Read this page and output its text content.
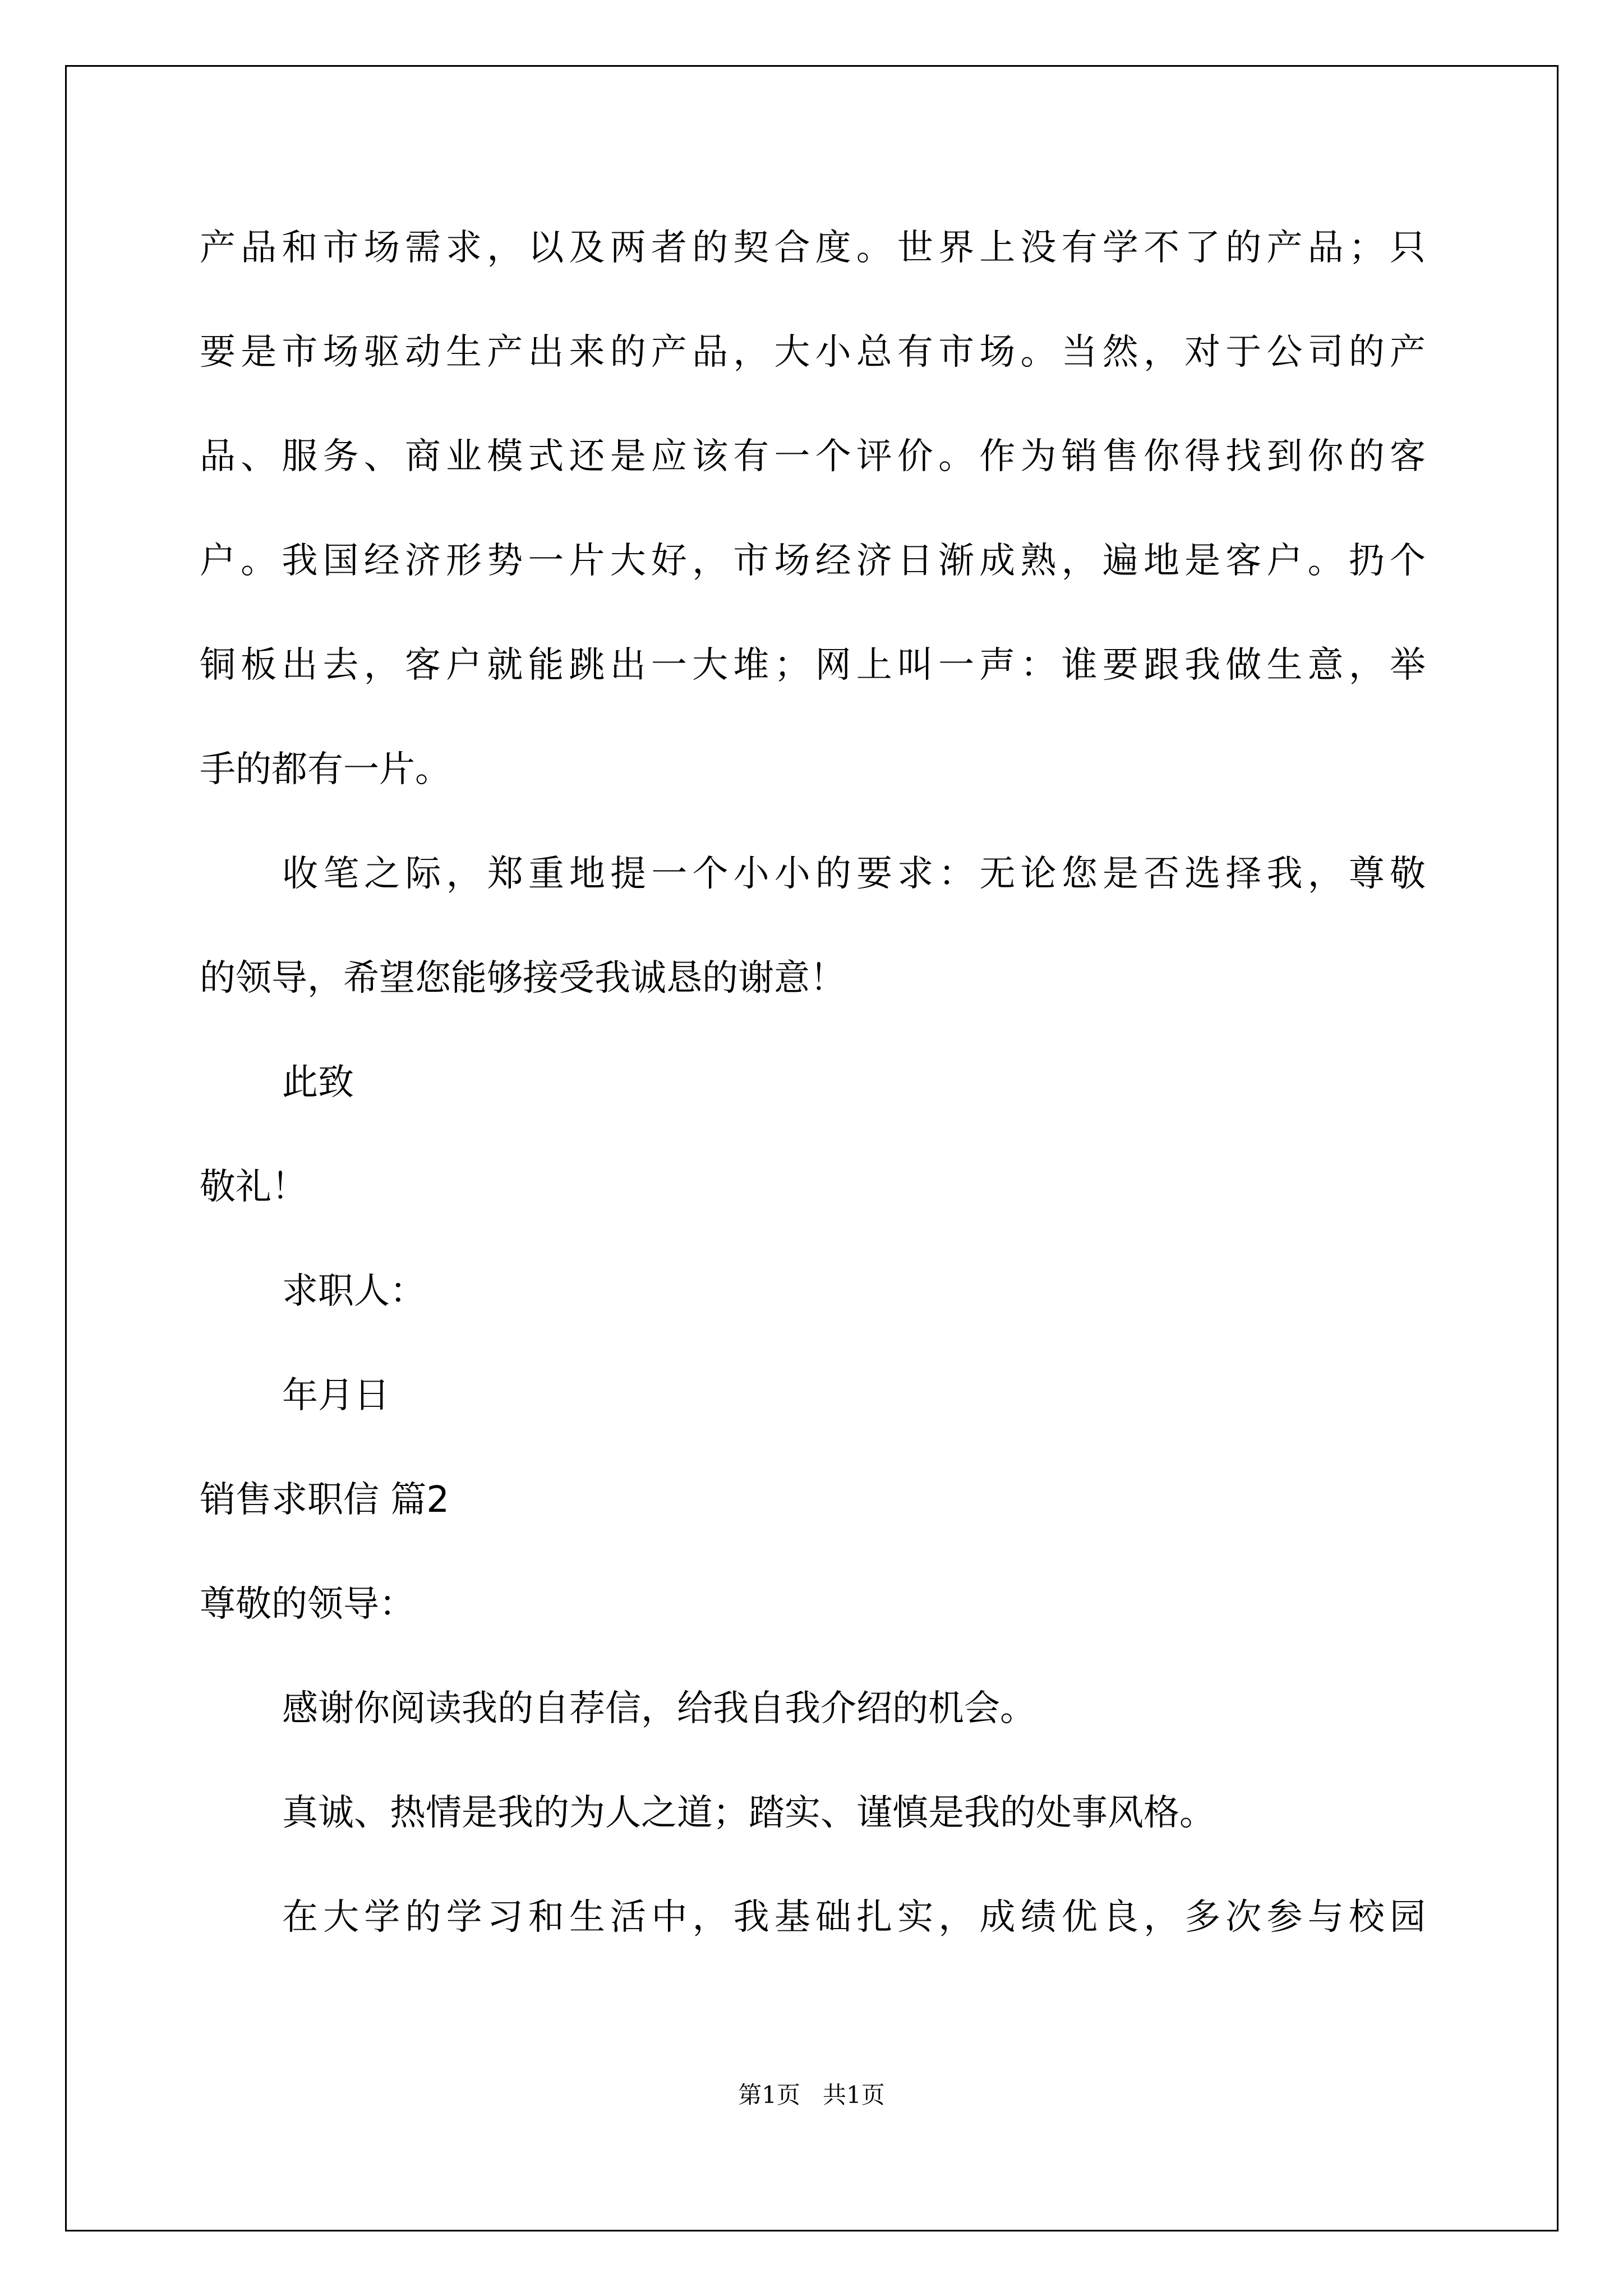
产品和市场需求，以及两者的契合度。世界上没有学不了的产品；只

要是市场驱动生产出来的产品，大小总有市场。当然，对于公司的产

品、服务、商业模式还是应该有一个评价。作为销售你得找到你的客

户。我国经济形势一片大好，市场经济日渐成熟，遍地是客户。扔个

铜板出去，客户就能跳出一大堆；网上叫一声：谁要跟我做生意，举

手的都有一片。

收笔之际，郑重地提一个小小的要求：无论您是否选择我，尊敬

的领导，希望您能够接受我诚恳的谢意！

此致

敬礼！

求职人：

年月日

销售求职信 篇2

尊敬的领导：

感谢你阅读我的自荐信，给我自我介绍的机会。

真诚、热情是我的为人之道；踏实、谨慎是我的处事风格。

在大学的学习和生活中，我基础扎实，成绩优良，多次参与校园

第1页   共1页
